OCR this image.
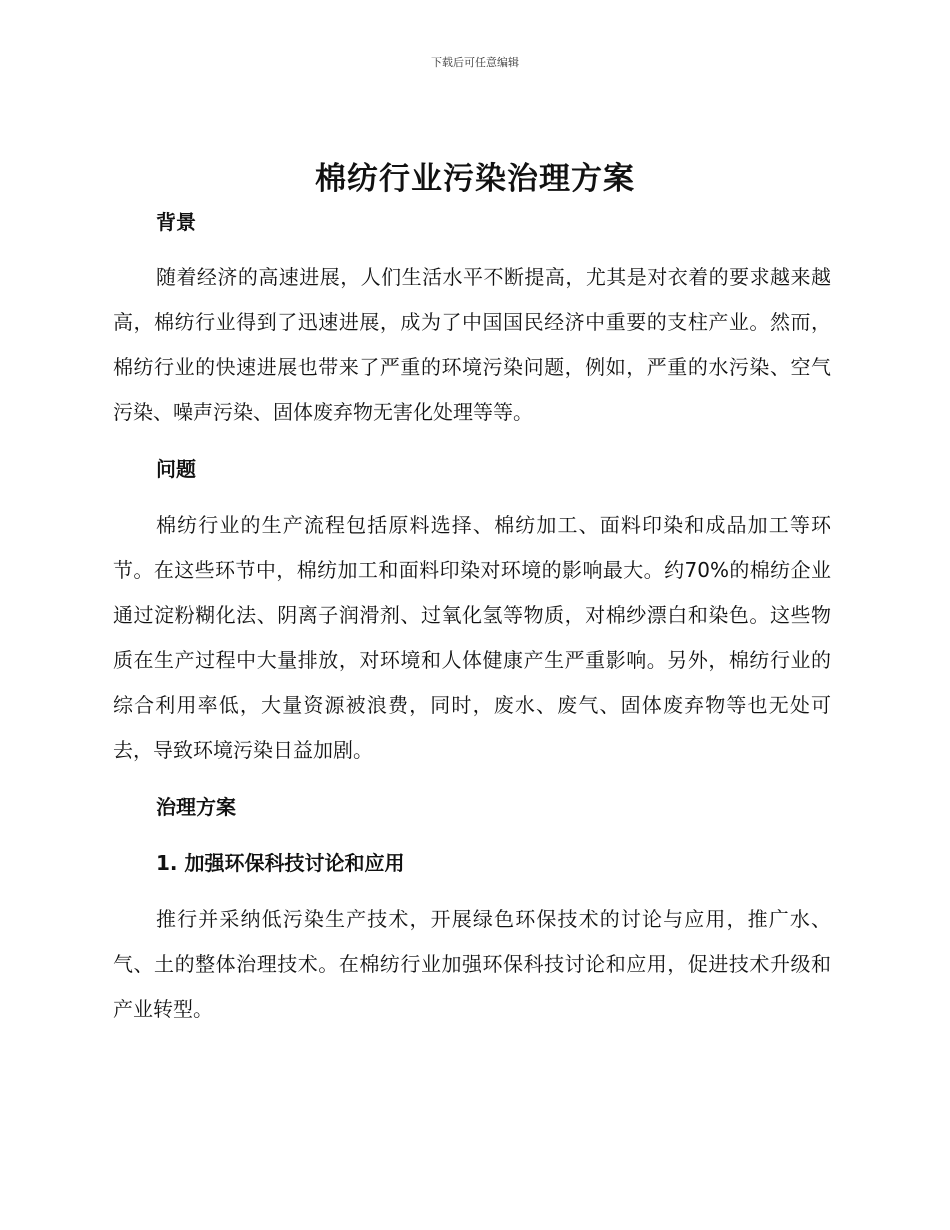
下载后可任意编辑
棉纺行业污染治理方案
背景

随着经济的高速进展，人们生活水平不断提高，尤其是对衣着的要求越来越高，棉纺行业得到了迅速进展，成为了中国国民经济中重要的支柱产业。然而，棉纺行业的快速进展也带来了严重的环境污染问题，例如，严重的水污染、空气污染、噪声污染、固体废弃物无害化处理等等。

问题

棉纺行业的生产流程包括原料选择、棉纺加工、面料印染和成品加工等环节。在这些环节中，棉纺加工和面料印染对环境的影响最大。约70%的棉纺企业通过淀粉糊化法、阴离子润滑剂、过氧化氢等物质，对棉纱漂白和染色。这些物质在生产过程中大量排放，对环境和人体健康产生严重影响。另外，棉纺行业的综合利用率低，大量资源被浪费，同时，废水、废气、固体废弃物等也无处可去，导致环境污染日益加剧。

治理方案
1. 加强环保科技讨论和应用

推行并采纳低污染生产技术，开展绿色环保技术的讨论与应用，推广水、气、土的整体治理技术。在棉纺行业加强环保科技讨论和应用，促进技术升级和产业转型。
